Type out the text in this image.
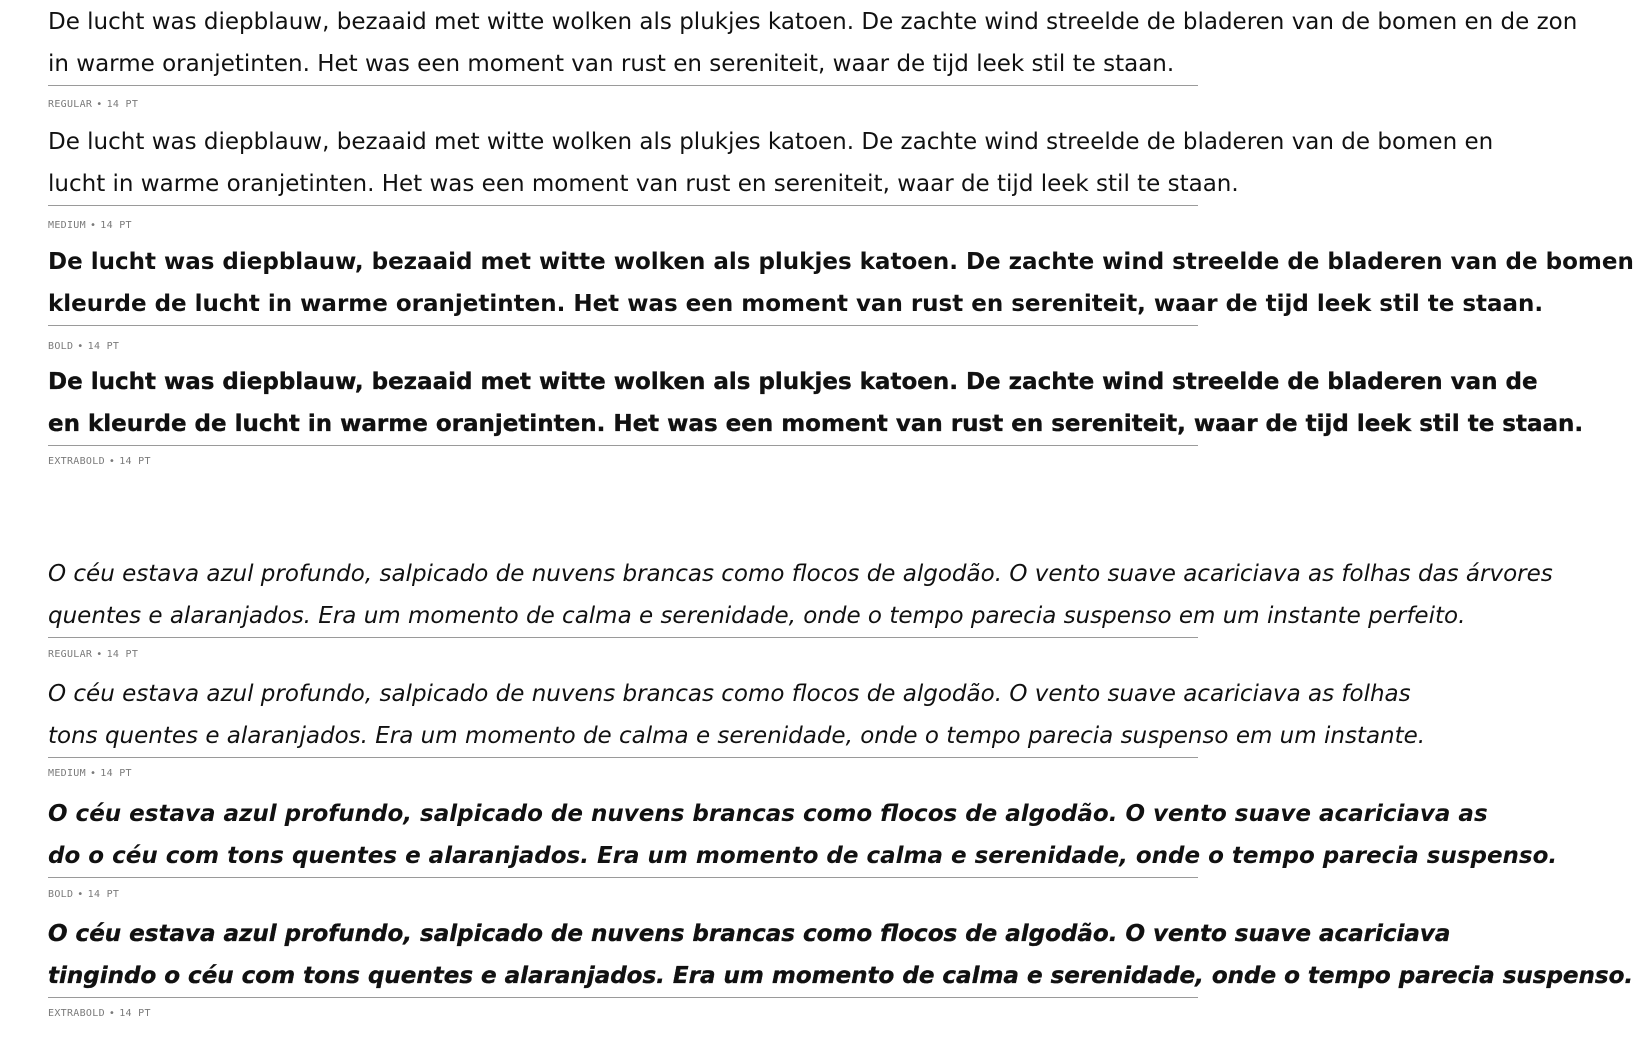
De lucht was diepblauw, bezaaid met witte wolken als plukjes katoen. De zachte wind streelde de bladeren van de bomen en de zon
in warme oranjetinten. Het was een moment van rust en sereniteit, waar de tijd leek stil te staan.
REGULAR • 14 PT
De lucht was diepblauw, bezaaid met witte wolken als plukjes katoen. De zachte wind streelde de bladeren van de bomen en
lucht in warme oranjetinten. Het was een moment van rust en sereniteit, waar de tijd leek stil te staan.
MEDIUM • 14 PT
De lucht was diepblauw, bezaaid met witte wolken als plukjes katoen. De zachte wind streelde de bladeren van de bomen
kleurde de lucht in warme oranjetinten. Het was een moment van rust en sereniteit, waar de tijd leek stil te staan.
BOLD • 14 PT
De lucht was diepblauw, bezaaid met witte wolken als plukjes katoen. De zachte wind streelde de bladeren van de
en kleurde de lucht in warme oranjetinten. Het was een moment van rust en sereniteit, waar de tijd leek stil te staan.
EXTRABOLD • 14 PT
O céu estava azul profundo, salpicado de nuvens brancas como flocos de algodão. O vento suave acariciava as folhas das árvores
quentes e alaranjados. Era um momento de calma e serenidade, onde o tempo parecia suspenso em um instante perfeito.
REGULAR • 14 PT
O céu estava azul profundo, salpicado de nuvens brancas como flocos de algodão. O vento suave acariciava as folhas
tons quentes e alaranjados. Era um momento de calma e serenidade, onde o tempo parecia suspenso em um instante.
MEDIUM • 14 PT
O céu estava azul profundo, salpicado de nuvens brancas como flocos de algodão. O vento suave acariciava as
do o céu com tons quentes e alaranjados. Era um momento de calma e serenidade, onde o tempo parecia suspenso.
BOLD • 14 PT
O céu estava azul profundo, salpicado de nuvens brancas como flocos de algodão. O vento suave acariciava
tingindo o céu com tons quentes e alaranjados. Era um momento de calma e serenidade, onde o tempo parecia suspenso.
EXTRABOLD • 14 PT
